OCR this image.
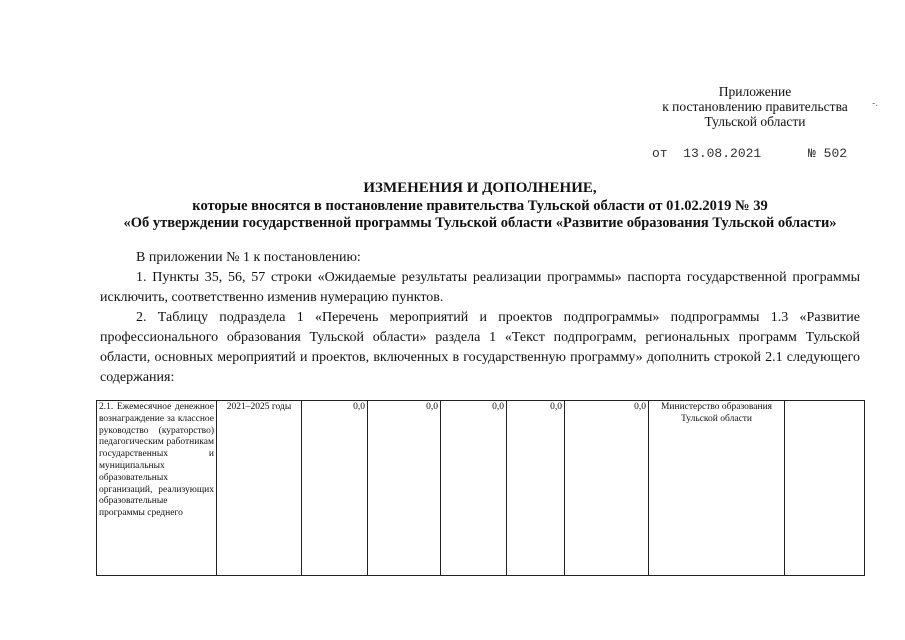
Приложение
к постановлению правительства
Тульской области
-.
от 13.08.2021	№ 502
ИЗМЕНЕНИЯ И ДОПОЛНЕНИЕ,
которые вносятся в постановление правительства Тульской области от 01.02.2019 № 39
«Об утверждении государственной программы Тульской области «Развитие образования Тульской области»
В приложении № 1 к постановлению:
1. Пункты 35, 56, 57 строки «Ожидаемые результаты реализации программы» паспорта государственной программы исключить, соответственно изменив нумерацию пунктов.
2. Таблицу подраздела 1 «Перечень мероприятий и проектов подпрограммы» подпрограммы 1.3 «Развитие профессионального образования Тульской области» раздела 1 «Текст подпрограмм, региональных программ Тульской области, основных мероприятий и проектов, включенных в государственную программу» дополнить строкой 2.1 следующего содержания:
2.1. Ежемесячное денежное вознаграждение за классное руководство (кураторство) педагогическим работникам государственных и муниципальных образовательных организаций, реализующих образовательные программы среднего	2021–2025 годы	0,0	0,0	0,0	0,0	0,0	Министерство образования Тульской области	
